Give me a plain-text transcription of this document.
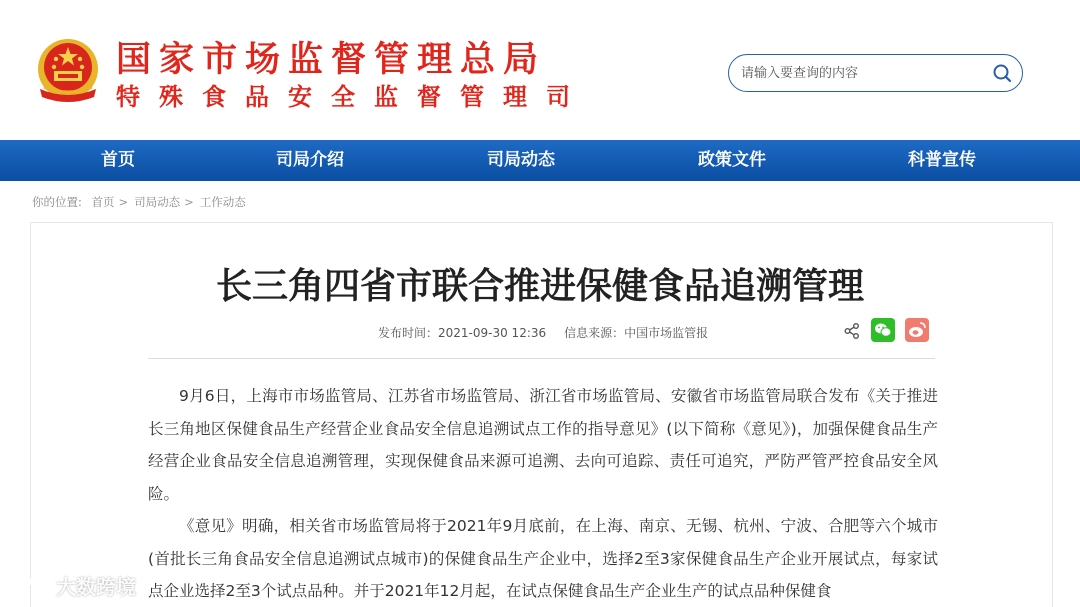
国家市场监督管理总局
特殊食品安全监督管理司
请输入要查询的内容
首页	司局介绍	司局动态	政策文件	科普宣传
你的位置: 首页 > 司局动态 > 工作动态
长三角四省市联合推进保健食品追溯管理
发布时间：2021-09-30 12:36 信息来源：中国市场监管报

9月6日，上海市市场监管局、江苏省市场监管局、浙江省市场监管局、安徽省市场监管局联合发布《关于推进长三角地区保健食品生产经营企业食品安全信息追溯试点工作的指导意见》(以下简称《意见》)，加强保健食品生产经营企业食品安全信息追溯管理，实现保健食品来源可追溯、去向可追踪、责任可追究，严防严管严控食品安全风险。

《意见》明确，相关省市场监管局将于2021年9月底前，在上海、南京、无锡、杭州、宁波、合肥等六个城市(首批长三角食品安全信息追溯试点城市)的保健食品生产企业中，选择2至3家保健食品生产企业开展试点，每家试点企业选择2至3个试点品种。并于2021年12月起，在试点保健食品生产企业生产的试点品种保健食

大数跨境
